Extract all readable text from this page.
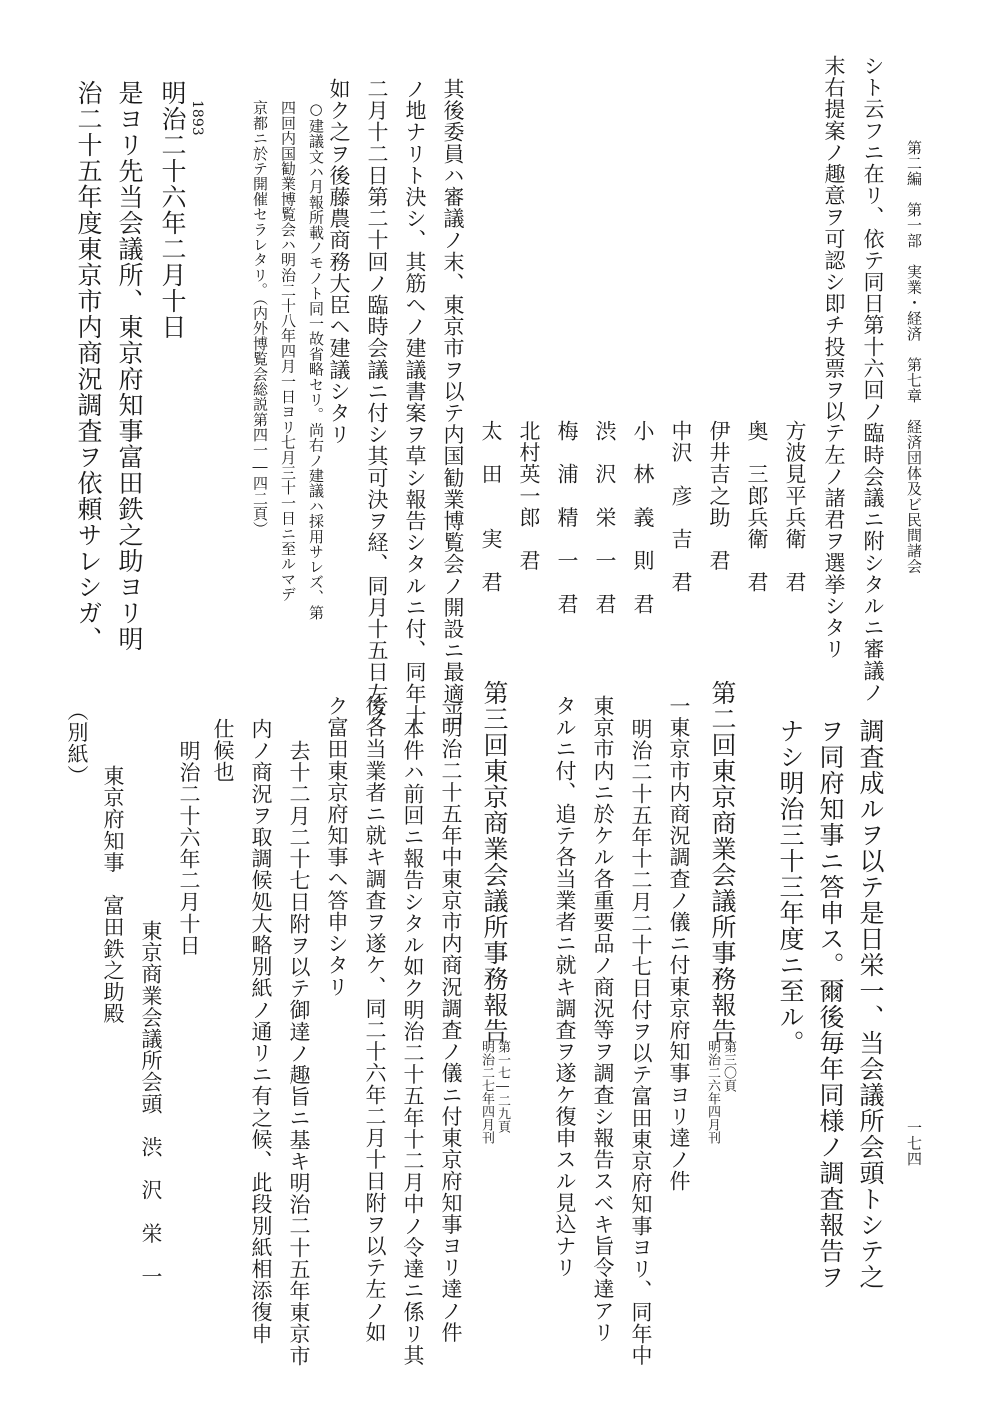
第二編　第一部　実業・経済　第七章　経済団体及ビ民間諸会
一七四
シト云フニ在リ、依テ同日第十六回ノ臨時会議ニ附シタルニ審議ノ
末右提案ノ趣意ヲ可認シ即チ投票ヲ以テ左ノ諸君ヲ選挙シタリ
方波見平兵衛　君
奥　三郎兵衛　君
伊井吉之助　君
中沢　彦　吉　君
小　林　義　則　君
渋　沢　栄　一　君
梅　浦　精　一　君
北村英一郎　君
太　田　　実　君
其後委員ハ審議ノ末、東京市ヲ以テ内国勧業博覧会ノ開設ニ最適当
ノ地ナリト決シ、其筋ヘノ建議書案ヲ草シ報告シタルニ付、同年十
二月十二日第二十回ノ臨時会議ニ付シ其可決ヲ経、同月十五日左ノ
如ク之ヲ後藤農商務大臣ヘ建議シタリ
○建議文ハ月報所載ノモノト同一故省略セリ。尚右ノ建議ハ採用サレズ、第
四回内国勧業博覧会ハ明治二十八年四月一日ヨリ七月三十一日ニ至ルマデ
京都ニ於テ開催セラレタリ。（内外博覧会総説第四一―四二頁）
1893
明治二十六年二月十日
是ヨリ先当会議所、東京府知事富田鉄之助ヨリ明
治二十五年度東京市内商況調査ヲ依頼サレシガ、
調査成ルヲ以テ是日栄一、当会議所会頭トシテ之
ヲ同府知事ニ答申ス。爾後毎年同様ノ調査報告ヲ
ナシ明治三十三年度ニ至ル。
第二回東京商業会議所事務報告
第三〇頁
明治二六年四月刊
一東京市内商況調査ノ儀ニ付東京府知事ヨリ達ノ件
明治二十五年十二月二十七日付ヲ以テ富田東京府知事ヨリ、同年中
東京市内ニ於ケル各重要品ノ商況等ヲ調査シ報告スベキ旨令達アリ
タルニ付、追テ各当業者ニ就キ調査ヲ遂ケ復申スル見込ナリ
第三回東京商業会議所事務報告
第一七―二九頁
明治二七年四月刊
一明治二十五年中東京市内商況調査ノ儀ニ付東京府知事ヨリ達ノ件
本件ハ前回ニ報告シタル如ク明治二十五年十二月中ノ令達ニ係リ其
後各当業者ニ就キ調査ヲ遂ケ、同二十六年二月十日附ヲ以テ左ノ如
ク富田東京府知事ヘ答申シタリ
去十二月二十七日附ヲ以テ御達ノ趣旨ニ基キ明治二十五年東京市
内ノ商況ヲ取調候処大略別紙ノ通リニ有之候、此段別紙相添復申
仕候也
明治二十六年二月十日
東京商業会議所会頭　渋　沢　栄　一
東京府知事　富田鉄之助殿
（別紙）
